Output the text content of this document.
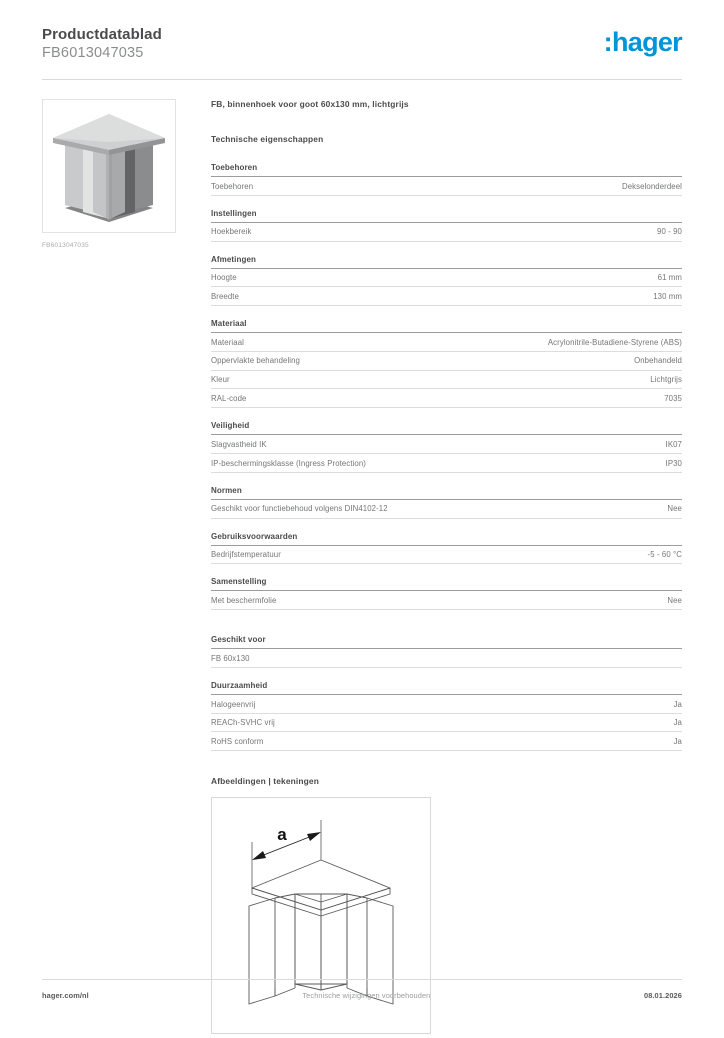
Productdatablad
FB6013047035	:hager
FB6013047035
FB, binnenhoek voor goot 60x130 mm, lichtgrijs
Technische eigenschappen
Toebehoren
Toebehoren	Dekselonderdeel
Instellingen
Hoekbereik	90 - 90
Afmetingen
Hoogte	61 mm
Breedte	130 mm
Materiaal
Materiaal	Acrylonitrile-Butadiene-Styrene (ABS)
Oppervlakte behandeling	Onbehandeld
Kleur	Lichtgrijs
RAL-code	7035
Veiligheid
Slagvastheid IK	IK07
IP-beschermingsklasse (Ingress Protection)	IP30
Normen
Geschikt voor functiebehoud volgens DIN4102-12	Nee
Gebruiksvoorwaarden
Bedrijfstemperatuur	-5 - 60 °C
Samenstelling
Met beschermfolie	Nee
Geschikt voor
FB 60x130
Duurzaamheid
Halogeenvrij	Ja
REACh-SVHC vrij	Ja
RoHS conform	Ja
Afbeeldingen | tekeningen
a
hager.com/nl	Technische wijzigingen voorbehouden	08.01.2026
